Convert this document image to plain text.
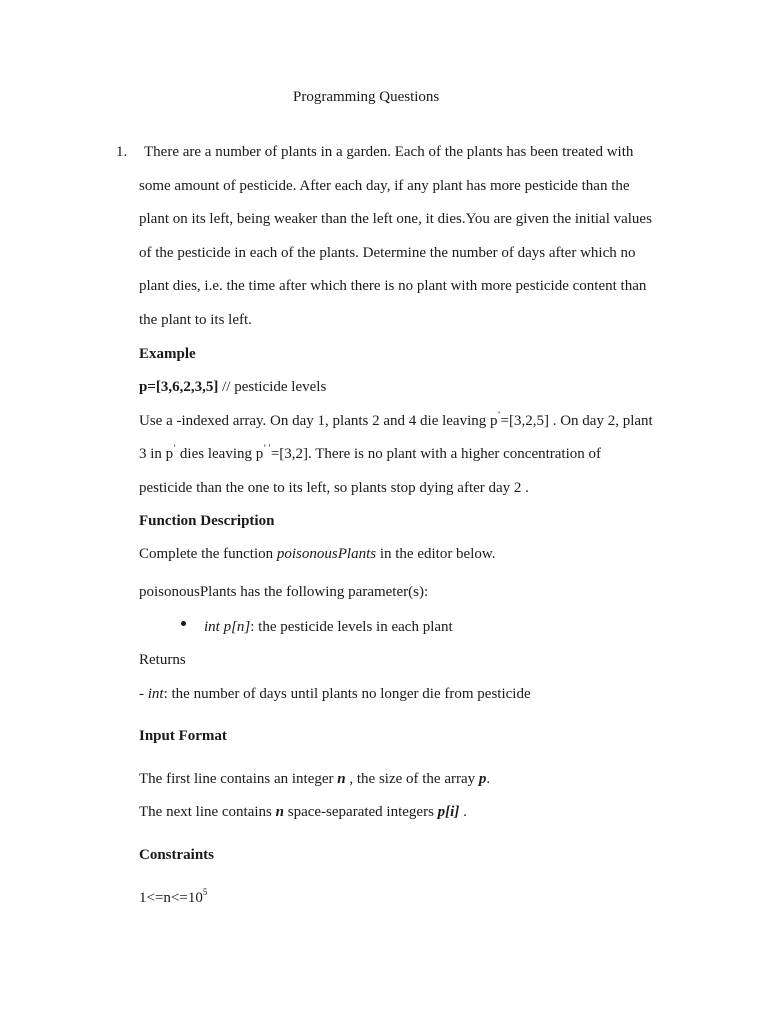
Programming Questions
1. There are a number of plants in a garden. Each of the plants has been treated with
some amount of pesticide. After each day, if any plant has more pesticide than the
plant on its left, being weaker than the left one, it dies.You are given the initial values
of the pesticide in each of the plants. Determine the number of days after which no
plant dies, i.e. the time after which there is no plant with more pesticide content than
the plant to its left.
Example
p=[3,6,2,3,5] // pesticide levels
Use a -indexed array. On day 1, plants 2 and 4 die leaving p’=[3,2,5] . On day 2, plant
3 in p’ dies leaving p’ ’=[3,2]. There is no plant with a higher concentration of
pesticide than the one to its left, so plants stop dying after day 2 .
Function Description
Complete the function poisonousPlants in the editor below.
poisonousPlants has the following parameter(s):
int p[n]: the pesticide levels in each plant
Returns
- int: the number of days until plants no longer die from pesticide
Input Format
The first line contains an integer n , the size of the array p.
The next line contains n space-separated integers p[i] .
Constraints
$1<=n<=10^5$
